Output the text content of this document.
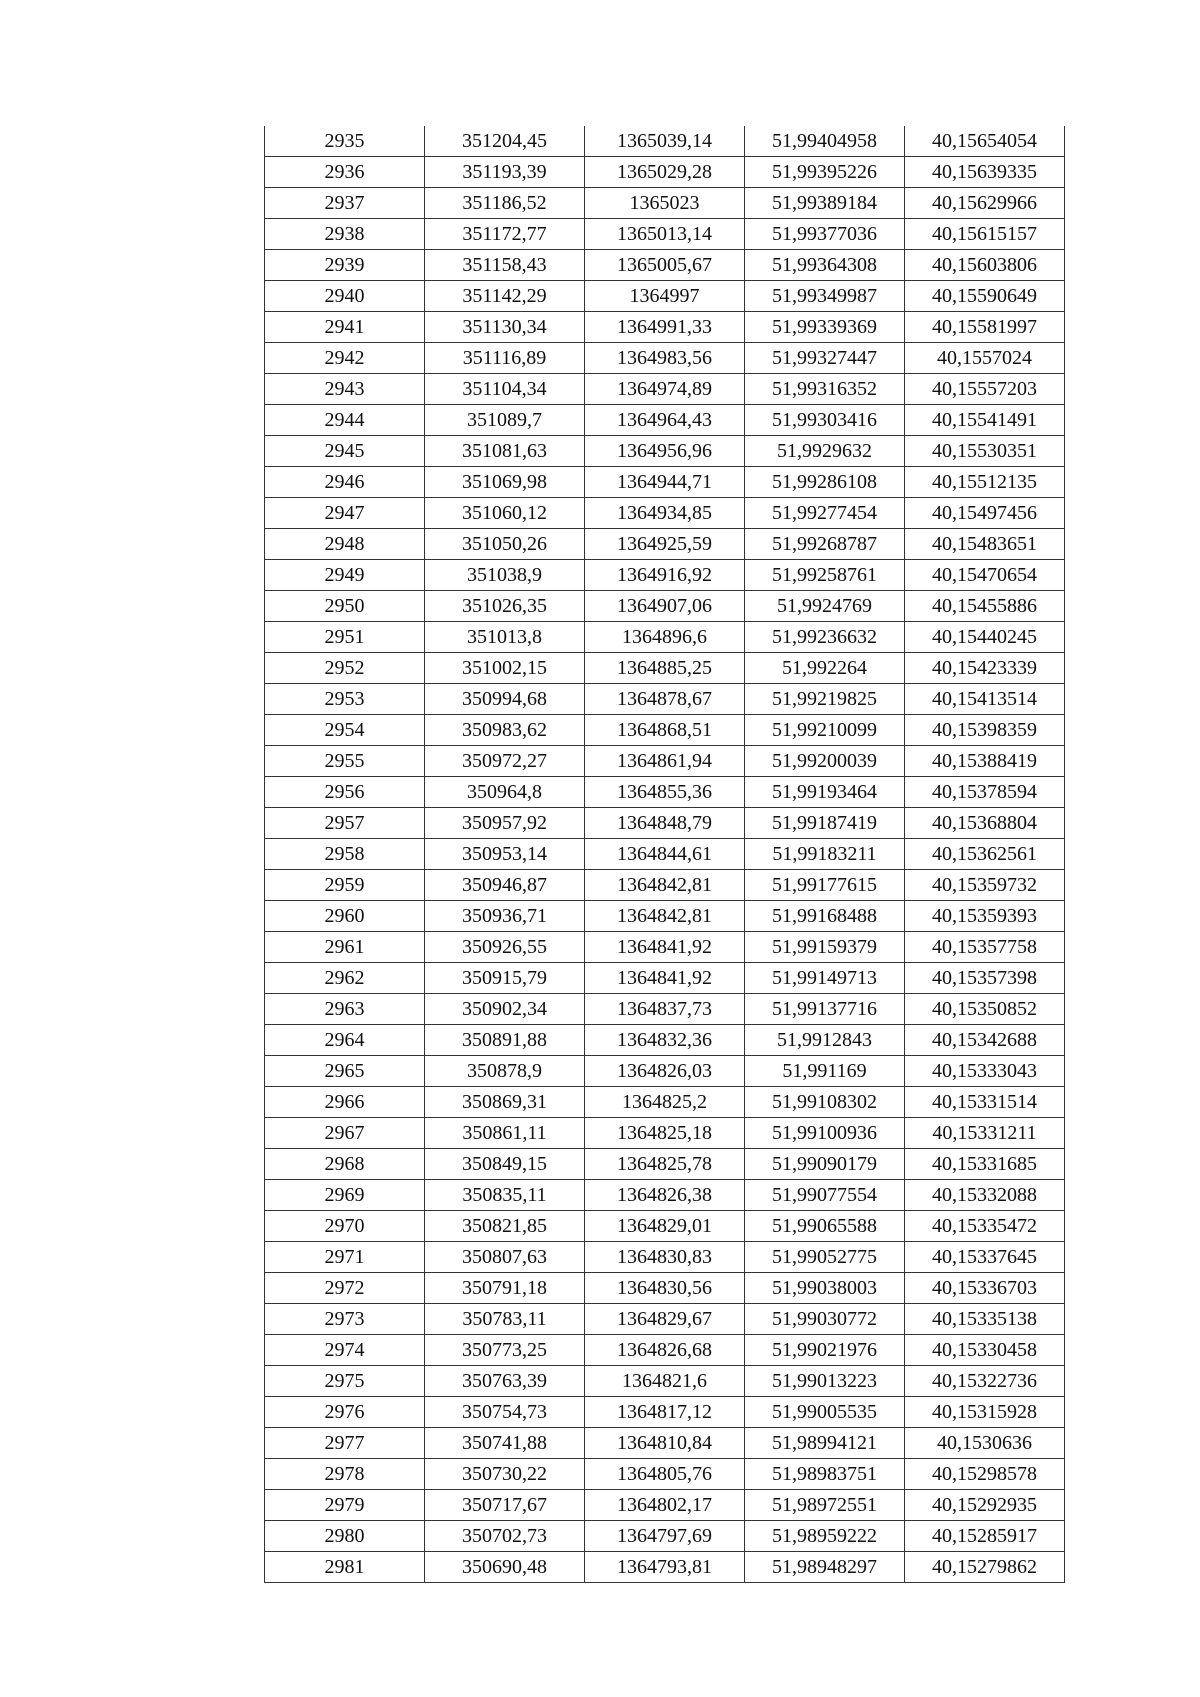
2935	351204,45	1365039,14	51,99404958	40,15654054
2936	351193,39	1365029,28	51,99395226	40,15639335
2937	351186,52	1365023	51,99389184	40,15629966
2938	351172,77	1365013,14	51,99377036	40,15615157
2939	351158,43	1365005,67	51,99364308	40,15603806
2940	351142,29	1364997	51,99349987	40,15590649
2941	351130,34	1364991,33	51,99339369	40,15581997
2942	351116,89	1364983,56	51,99327447	40,1557024
2943	351104,34	1364974,89	51,99316352	40,15557203
2944	351089,7	1364964,43	51,99303416	40,15541491
2945	351081,63	1364956,96	51,9929632	40,15530351
2946	351069,98	1364944,71	51,99286108	40,15512135
2947	351060,12	1364934,85	51,99277454	40,15497456
2948	351050,26	1364925,59	51,99268787	40,15483651
2949	351038,9	1364916,92	51,99258761	40,15470654
2950	351026,35	1364907,06	51,9924769	40,15455886
2951	351013,8	1364896,6	51,99236632	40,15440245
2952	351002,15	1364885,25	51,992264	40,15423339
2953	350994,68	1364878,67	51,99219825	40,15413514
2954	350983,62	1364868,51	51,99210099	40,15398359
2955	350972,27	1364861,94	51,99200039	40,15388419
2956	350964,8	1364855,36	51,99193464	40,15378594
2957	350957,92	1364848,79	51,99187419	40,15368804
2958	350953,14	1364844,61	51,99183211	40,15362561
2959	350946,87	1364842,81	51,99177615	40,15359732
2960	350936,71	1364842,81	51,99168488	40,15359393
2961	350926,55	1364841,92	51,99159379	40,15357758
2962	350915,79	1364841,92	51,99149713	40,15357398
2963	350902,34	1364837,73	51,99137716	40,15350852
2964	350891,88	1364832,36	51,9912843	40,15342688
2965	350878,9	1364826,03	51,991169	40,15333043
2966	350869,31	1364825,2	51,99108302	40,15331514
2967	350861,11	1364825,18	51,99100936	40,15331211
2968	350849,15	1364825,78	51,99090179	40,15331685
2969	350835,11	1364826,38	51,99077554	40,15332088
2970	350821,85	1364829,01	51,99065588	40,15335472
2971	350807,63	1364830,83	51,99052775	40,15337645
2972	350791,18	1364830,56	51,99038003	40,15336703
2973	350783,11	1364829,67	51,99030772	40,15335138
2974	350773,25	1364826,68	51,99021976	40,15330458
2975	350763,39	1364821,6	51,99013223	40,15322736
2976	350754,73	1364817,12	51,99005535	40,15315928
2977	350741,88	1364810,84	51,98994121	40,1530636
2978	350730,22	1364805,76	51,98983751	40,15298578
2979	350717,67	1364802,17	51,98972551	40,15292935
2980	350702,73	1364797,69	51,98959222	40,15285917
2981	350690,48	1364793,81	51,98948297	40,15279862
